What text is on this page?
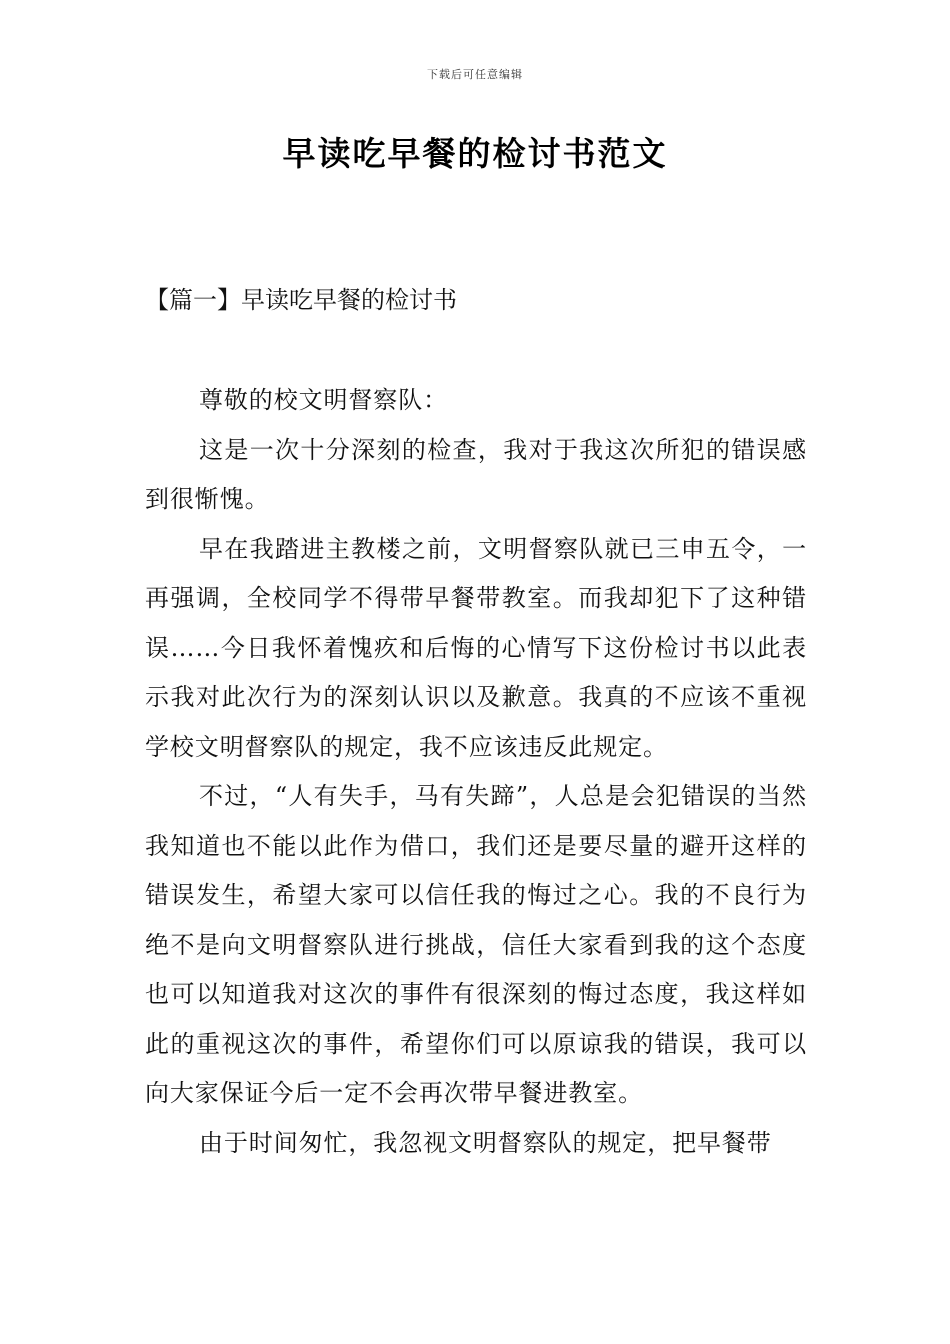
下载后可任意编辑
早读吃早餐的检讨书范文
【篇一】早读吃早餐的检讨书

尊敬的校文明督察队：

这是一次十分深刻的检查，我对于我这次所犯的错误感到很惭愧。

早在我踏进主教楼之前，文明督察队就已三申五令，一再强调，全校同学不得带早餐带教室。而我却犯下了这种错误……今日我怀着愧疚和后悔的心情写下这份检讨书以此表示我对此次行为的深刻认识以及歉意。我真的不应该不重视学校文明督察队的规定，我不应该违反此规定。

不过，“人有失手，马有失蹄”，人总是会犯错误的当然我知道也不能以此作为借口，我们还是要尽量的避开这样的错误发生，希望大家可以信任我的悔过之心。我的不良行为绝不是向文明督察队进行挑战，信任大家看到我的这个态度也可以知道我对这次的事件有很深刻的悔过态度，我这样如此的重视这次的事件，希望你们可以原谅我的错误，我可以向大家保证今后一定不会再次带早餐进教室。

由于时间匆忙，我忽视文明督察队的规定，把早餐带
